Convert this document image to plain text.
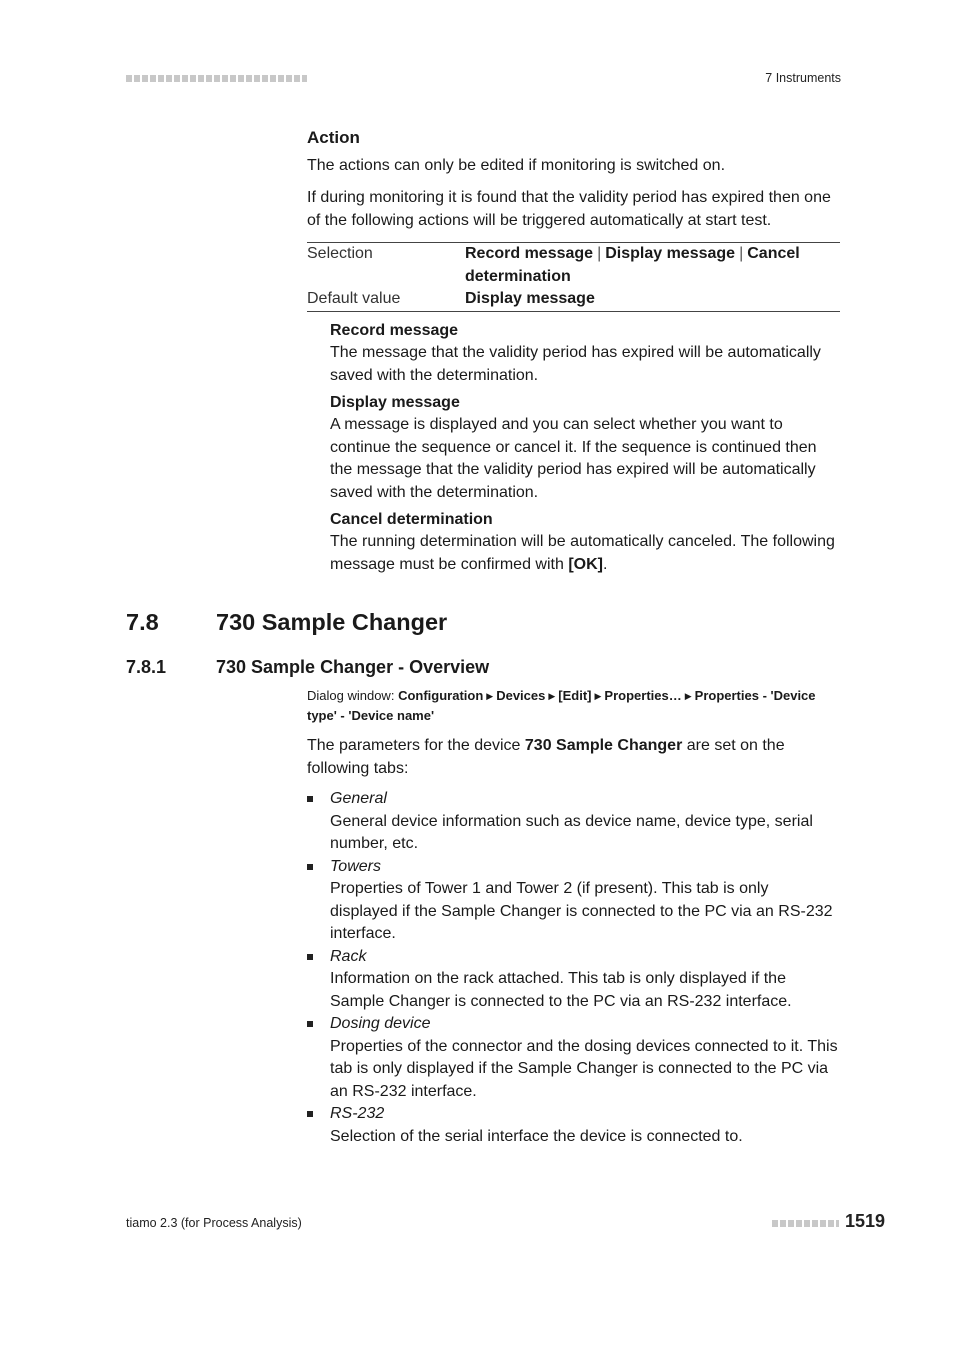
7 Instruments
Action

The actions can only be edited if monitoring is switched on.

If during monitoring it is found that the validity period has expired then one of the following actions will be triggered automatically at start test.

Selection	Record message | Display message | Cancel determination
Default value	Display message
Record message

The message that the validity period has expired will be automatically saved with the determination.

Display message

A message is displayed and you can select whether you want to continue the sequence or cancel it. If the sequence is continued then the message that the validity period has expired will be automatically saved with the determination.

Cancel determination

The running determination will be automatically canceled. The following message must be confirmed with [OK].

7.8 730 Sample Changer
7.8.1	730 Sample Changer - Overview
Dialog window: Configuration ▶ Devices ▶ [Edit] ▶ Properties… ▶ Properties - 'Device type' - 'Device name'

The parameters for the device 730 Sample Changer are set on the following tabs:

General
General device information such as device name, device type, serial number, etc.
Towers
Properties of Tower 1 and Tower 2 (if present). This tab is only displayed if the Sample Changer is connected to the PC via an RS-232 interface.
Rack
Information on the rack attached. This tab is only displayed if the Sample Changer is connected to the PC via an RS-232 interface.
Dosing device
Properties of the connector and the dosing devices connected to it. This tab is only displayed if the Sample Changer is connected to the PC via an RS-232 interface.
RS-232
Selection of the serial interface the device is connected to.
tiamo 2.3 (for Process Analysis)	1519
